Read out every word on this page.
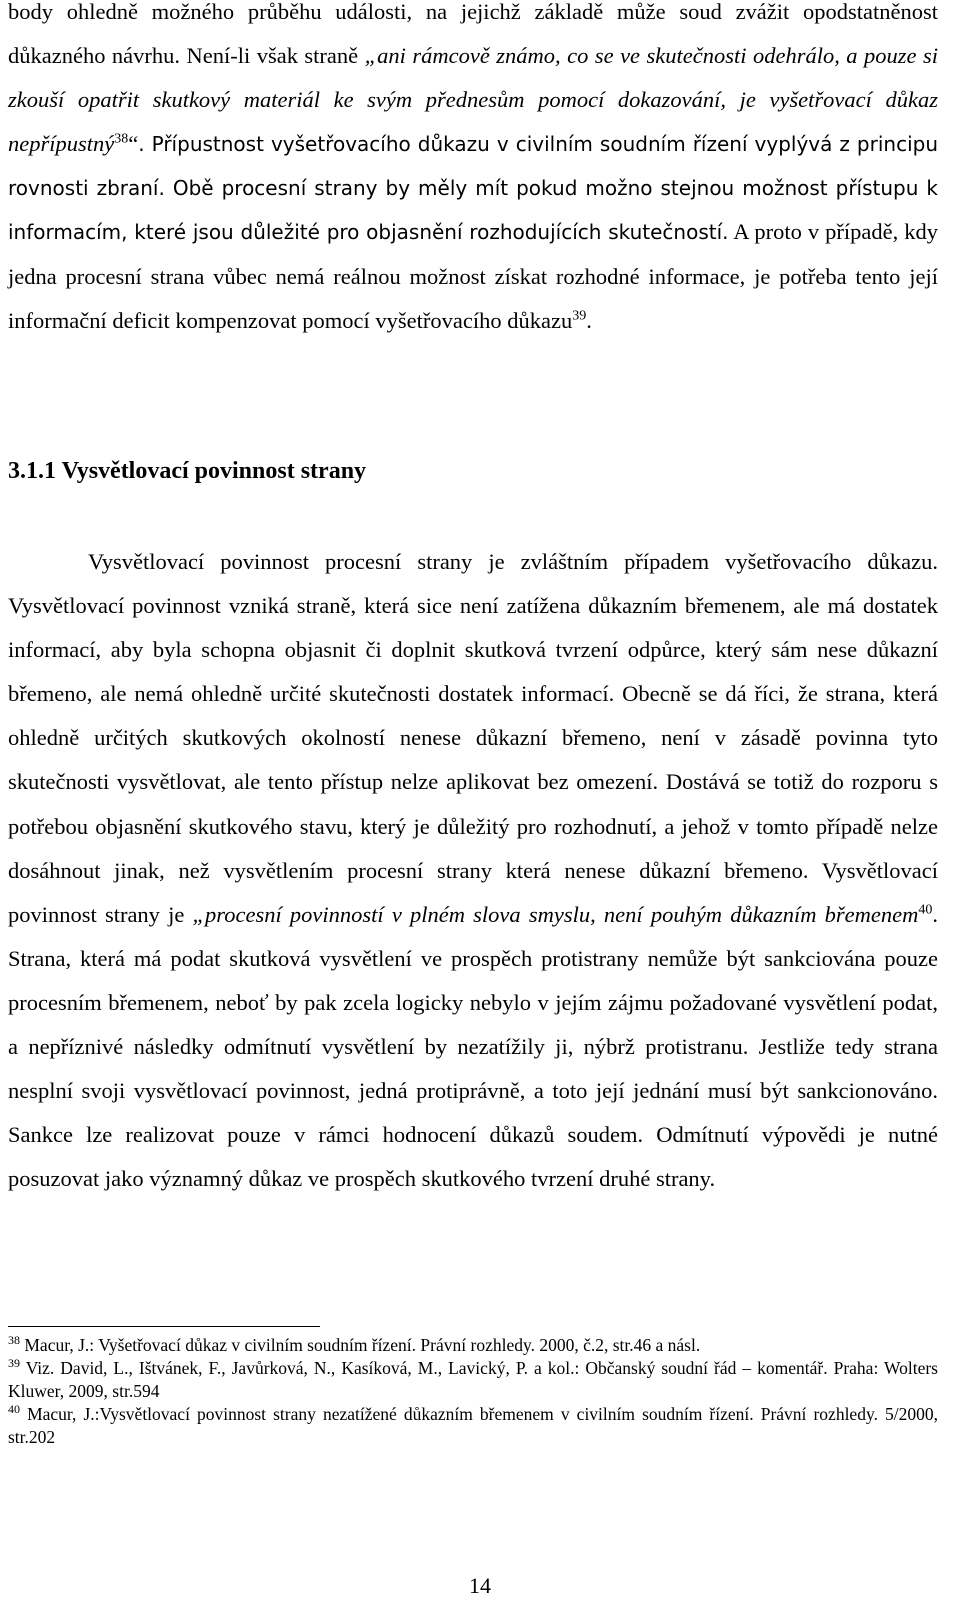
body ohledně možného průběhu události, na jejichž základě může soud zvážit opodstatněnost důkazného návrhu. Není-li však straně „ani rámcově známo, co se ve skutečnosti odehrálo, a pouze si zkouší opatřit skutkový materiál ke svým přednesům pomocí dokazování, je vyšetřovací důkaz nepřípustný$^{38}$“. Přípustnost vyšetřovacího důkazu v civilním soudním řízení vyplývá z principu rovnosti zbraní. Obě procesní strany by měly mít pokud možno stejnou možnost přístupu k informacím, které jsou důležité pro objasnění rozhodujících skutečností. A proto v případě, kdy jedna procesní strana vůbec nemá reálnou možnost získat rozhodné informace, je potřeba tento její informační deficit kompenzovat pomocí vyšetřovacího důkazu$^{39}$.

3.1.1 Vysvětlovací povinnost strany

Vysvětlovací povinnost procesní strany je zvláštním případem vyšetřovacího důkazu. Vysvětlovací povinnost vzniká straně, která sice není zatížena důkazním břemenem, ale má dostatek informací, aby byla schopna objasnit či doplnit skutková tvrzení odpůrce, který sám nese důkazní břemeno, ale nemá ohledně určité skutečnosti dostatek informací. Obecně se dá říci, že strana, která ohledně určitých skutkových okolností nenese důkazní břemeno, není v zásadě povinna tyto skutečnosti vysvětlovat, ale tento přístup nelze aplikovat bez omezení. Dostává se totiž do rozporu s potřebou objasnění skutkového stavu, který je důležitý pro rozhodnutí, a jehož v tomto případě nelze dosáhnout jinak, než vysvětlením procesní strany která nenese důkazní břemeno. Vysvětlovací povinnost strany je „procesní povinností v plném slova smyslu, není pouhým důkazním břemenem$^{40}$. Strana, která má podat skutková vysvětlení ve prospěch protistrany nemůže být sankciována pouze procesním břemenem, neboť by pak zcela logicky nebylo v jejím zájmu požadované vysvětlení podat, a nepříznivé následky odmítnutí vysvětlení by nezatížily ji, nýbrž protistranu. Jestliže tedy strana nesplní svoji vysvětlovací povinnost, jedná protiprávně, a toto její jednání musí být sankcionováno. Sankce lze realizovat pouze v rámci hodnocení důkazů soudem. Odmítnutí výpovědi je nutné posuzovat jako významný důkaz ve prospěch skutkového tvrzení druhé strany.

$^{38}$ Macur, J.: Vyšetřovací důkaz v civilním soudním řízení. Právní rozhledy. 2000, č.2, str.46 a násl.

$^{39}$ Viz. David, L., Ištvánek, F., Javůrková, N., Kasíková, M., Lavický, P. a kol.: Občanský soudní řád – komentář. Praha: Wolters Kluwer, 2009, str.594

$^{40}$ Macur, J.:Vysvětlovací povinnost strany nezatížené důkazním břemenem v civilním soudním řízení. Právní rozhledy. 5/2000, str.202

14
